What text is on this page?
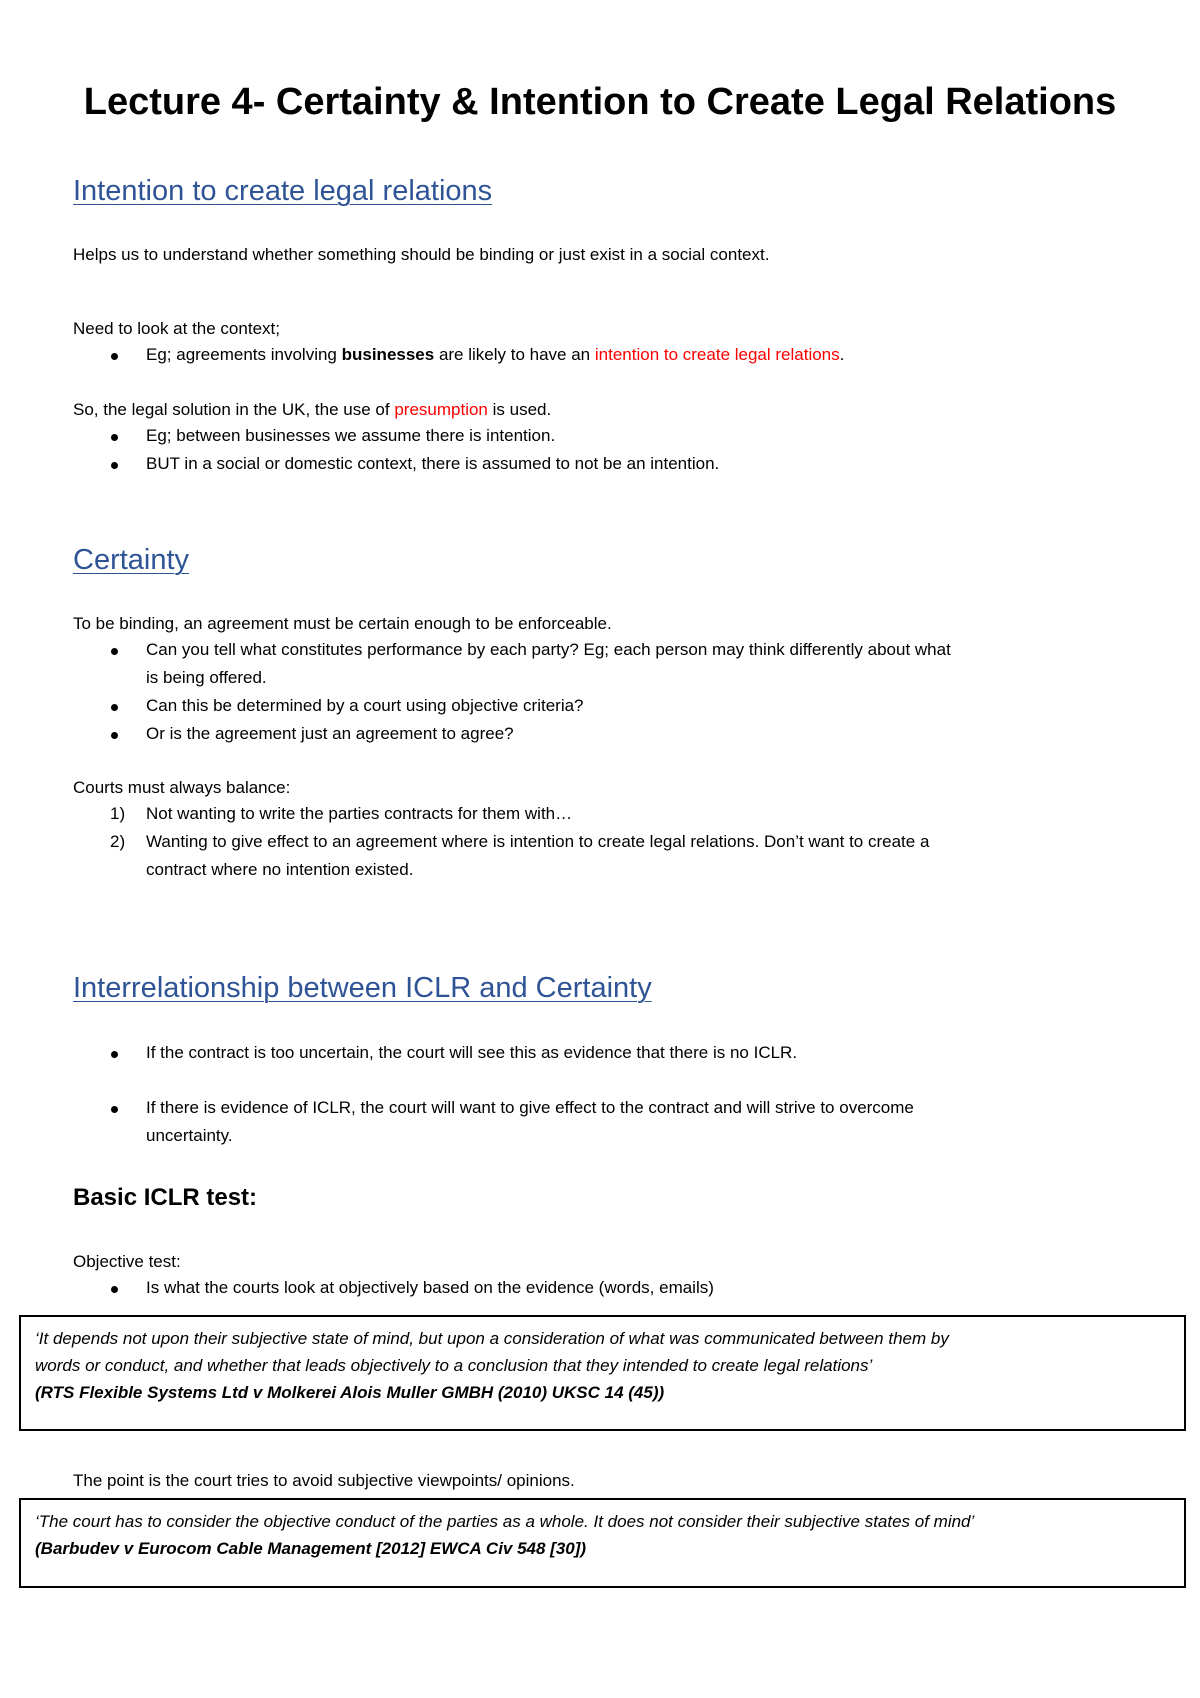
Lecture 4- Certainty & Intention to Create Legal Relations
Intention to create legal relations
Helps us to understand whether something should be binding or just exist in a social context.
Need to look at the context;
Eg; agreements involving businesses are likely to have an intention to create legal relations.
So, the legal solution in the UK, the use of presumption is used.
Eg; between businesses we assume there is intention.
BUT in a social or domestic context, there is assumed to not be an intention.
Certainty
To be binding, an agreement must be certain enough to be enforceable.
Can you tell what constitutes performance by each party? Eg; each person may think differently about what
is being offered.
Can this be determined by a court using objective criteria?
Or is the agreement just an agreement to agree?
Courts must always balance:
1) Not wanting to write the parties contracts for them with…
2) Wanting to give effect to an agreement where is intention to create legal relations. Don’t want to create a
contract where no intention existed.
Interrelationship between ICLR and Certainty
If the contract is too uncertain, the court will see this as evidence that there is no ICLR.
If there is evidence of ICLR, the court will want to give effect to the contract and will strive to overcome
uncertainty.
Basic ICLR test:
Objective test:
Is what the courts look at objectively based on the evidence (words, emails)
‘It depends not upon their subjective state of mind, but upon a consideration of what was communicated between them by
words or conduct, and whether that leads objectively to a conclusion that they intended to create legal relations’
(RTS Flexible Systems Ltd v Molkerei Alois Muller GMBH (2010) UKSC 14 (45))
The point is the court tries to avoid subjective viewpoints/ opinions.
‘The court has to consider the objective conduct of the parties as a whole. It does not consider their subjective states of mind’
(Barbudev v Eurocom Cable Management [2012] EWCA Civ 548 [30])
